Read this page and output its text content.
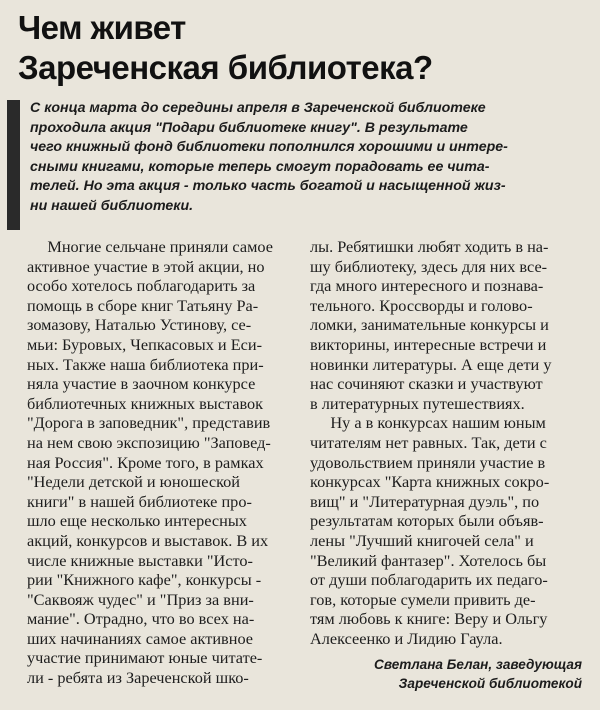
Чем живет
Зареченская библиотека?
С конца марта до середины апреля в Зареченской библиотеке
проходила акция "Подари библиотеке книгу". В результате
чего книжный фонд библиотеки пополнился хорошими и интере-
сными книгами, которые теперь смогут порадовать ее чита-
телей. Но эта акция - только часть богатой и насыщенной жиз-
ни нашей библиотеки.
Многие сельчане приняли самое
активное участие в этой акции, но
особо хотелось поблагодарить за
помощь в сборе книг Татьяну Ра-
зомазову, Наталью Устинову, се-
мьи: Буровых, Чепкасовых и Еси-
ных. Также наша библиотека при-
няла участие в заочном конкурсе
библиотечных книжных выставок
"Дорога в заповедник", представив
на нем свою экспозицию "Заповед-
ная Россия". Кроме того, в рамках
"Недели детской и юношеской
книги" в нашей библиотеке про-
шло еще несколько интересных
акций, конкурсов и выставок. В их
числе книжные выставки "Исто-
рии "Книжного кафе", конкурсы -
"Саквояж чудес" и "Приз за вни-
мание". Отрадно, что во всех на-
ших начинаниях самое активное
участие принимают юные читате-
ли - ребята из Зареченской шко-
лы. Ребятишки любят ходить в на-
шу библиотеку, здесь для них все-
гда много интересного и познава-
тельного. Кроссворды и голово-
ломки, занимательные конкурсы и
викторины, интересные встречи и
новинки литературы. А еще дети у
нас сочиняют сказки и участвуют
в литературных путешествиях.
Ну а в конкурсах нашим юным
читателям нет равных. Так, дети с
удовольствием приняли участие в
конкурсах "Карта книжных сокро-
вищ" и "Литературная дуэль", по
результатам которых были объяв-
лены "Лучший книгочей села" и
"Великий фантазер". Хотелось бы
от души поблагодарить их педаго-
гов, которые сумели привить де-
тям любовь к книге: Веру и Ольгу
Алексеенко и Лидию Гаула.
Светлана Белан, заведующая
Зареченской библиотекой
